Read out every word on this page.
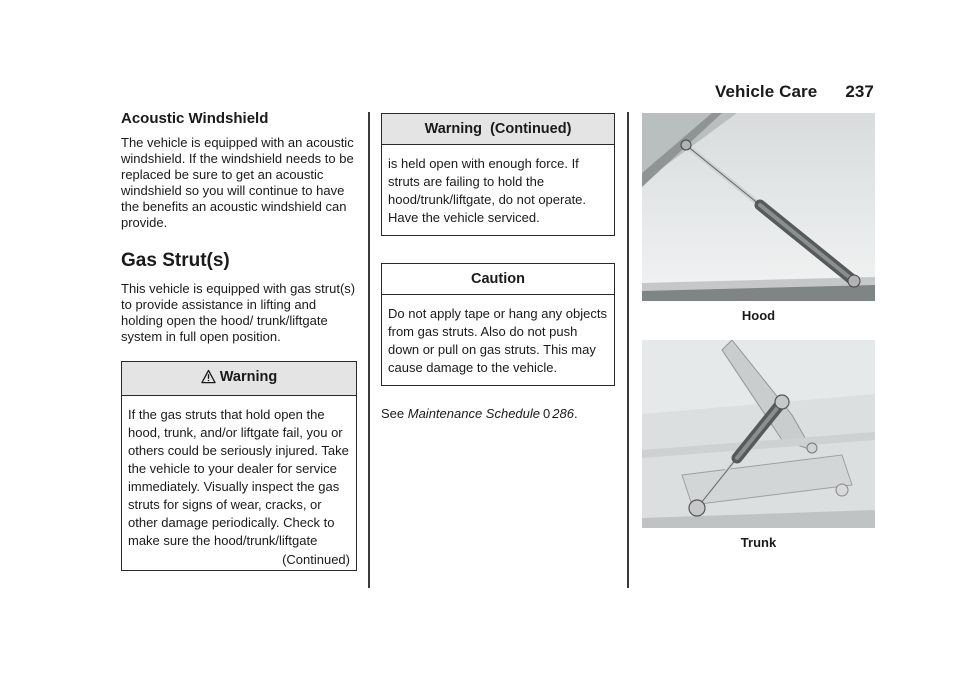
Vehicle Care 237
Acoustic Windshield

The vehicle is equipped with an acoustic windshield. If the windshield needs to be replaced be sure to get an acoustic windshield so you will continue to have the benefits an acoustic windshield can provide.

Gas Strut(s)

This vehicle is equipped with gas strut(s) to provide assistance in lifting and holding open the hood/ trunk/liftgate system in full open position.

Warning
If the gas struts that hold open the hood, trunk, and/or liftgate fail, you or others could be seriously injured. Take the vehicle to your dealer for service immediately. Visually inspect the gas struts for signs of wear, cracks, or other damage periodically. Check to make sure the hood/trunk/liftgate
(Continued)
Warning  (Continued)
is held open with enough force. If struts are failing to hold the hood/trunk/liftgate, do not operate. Have the vehicle serviced.
Caution
Do not apply tape or hang any objects from gas struts. Also do not push down or pull on gas struts. This may cause damage to the vehicle.
See Maintenance Schedule 0 286.
Hood
Trunk
